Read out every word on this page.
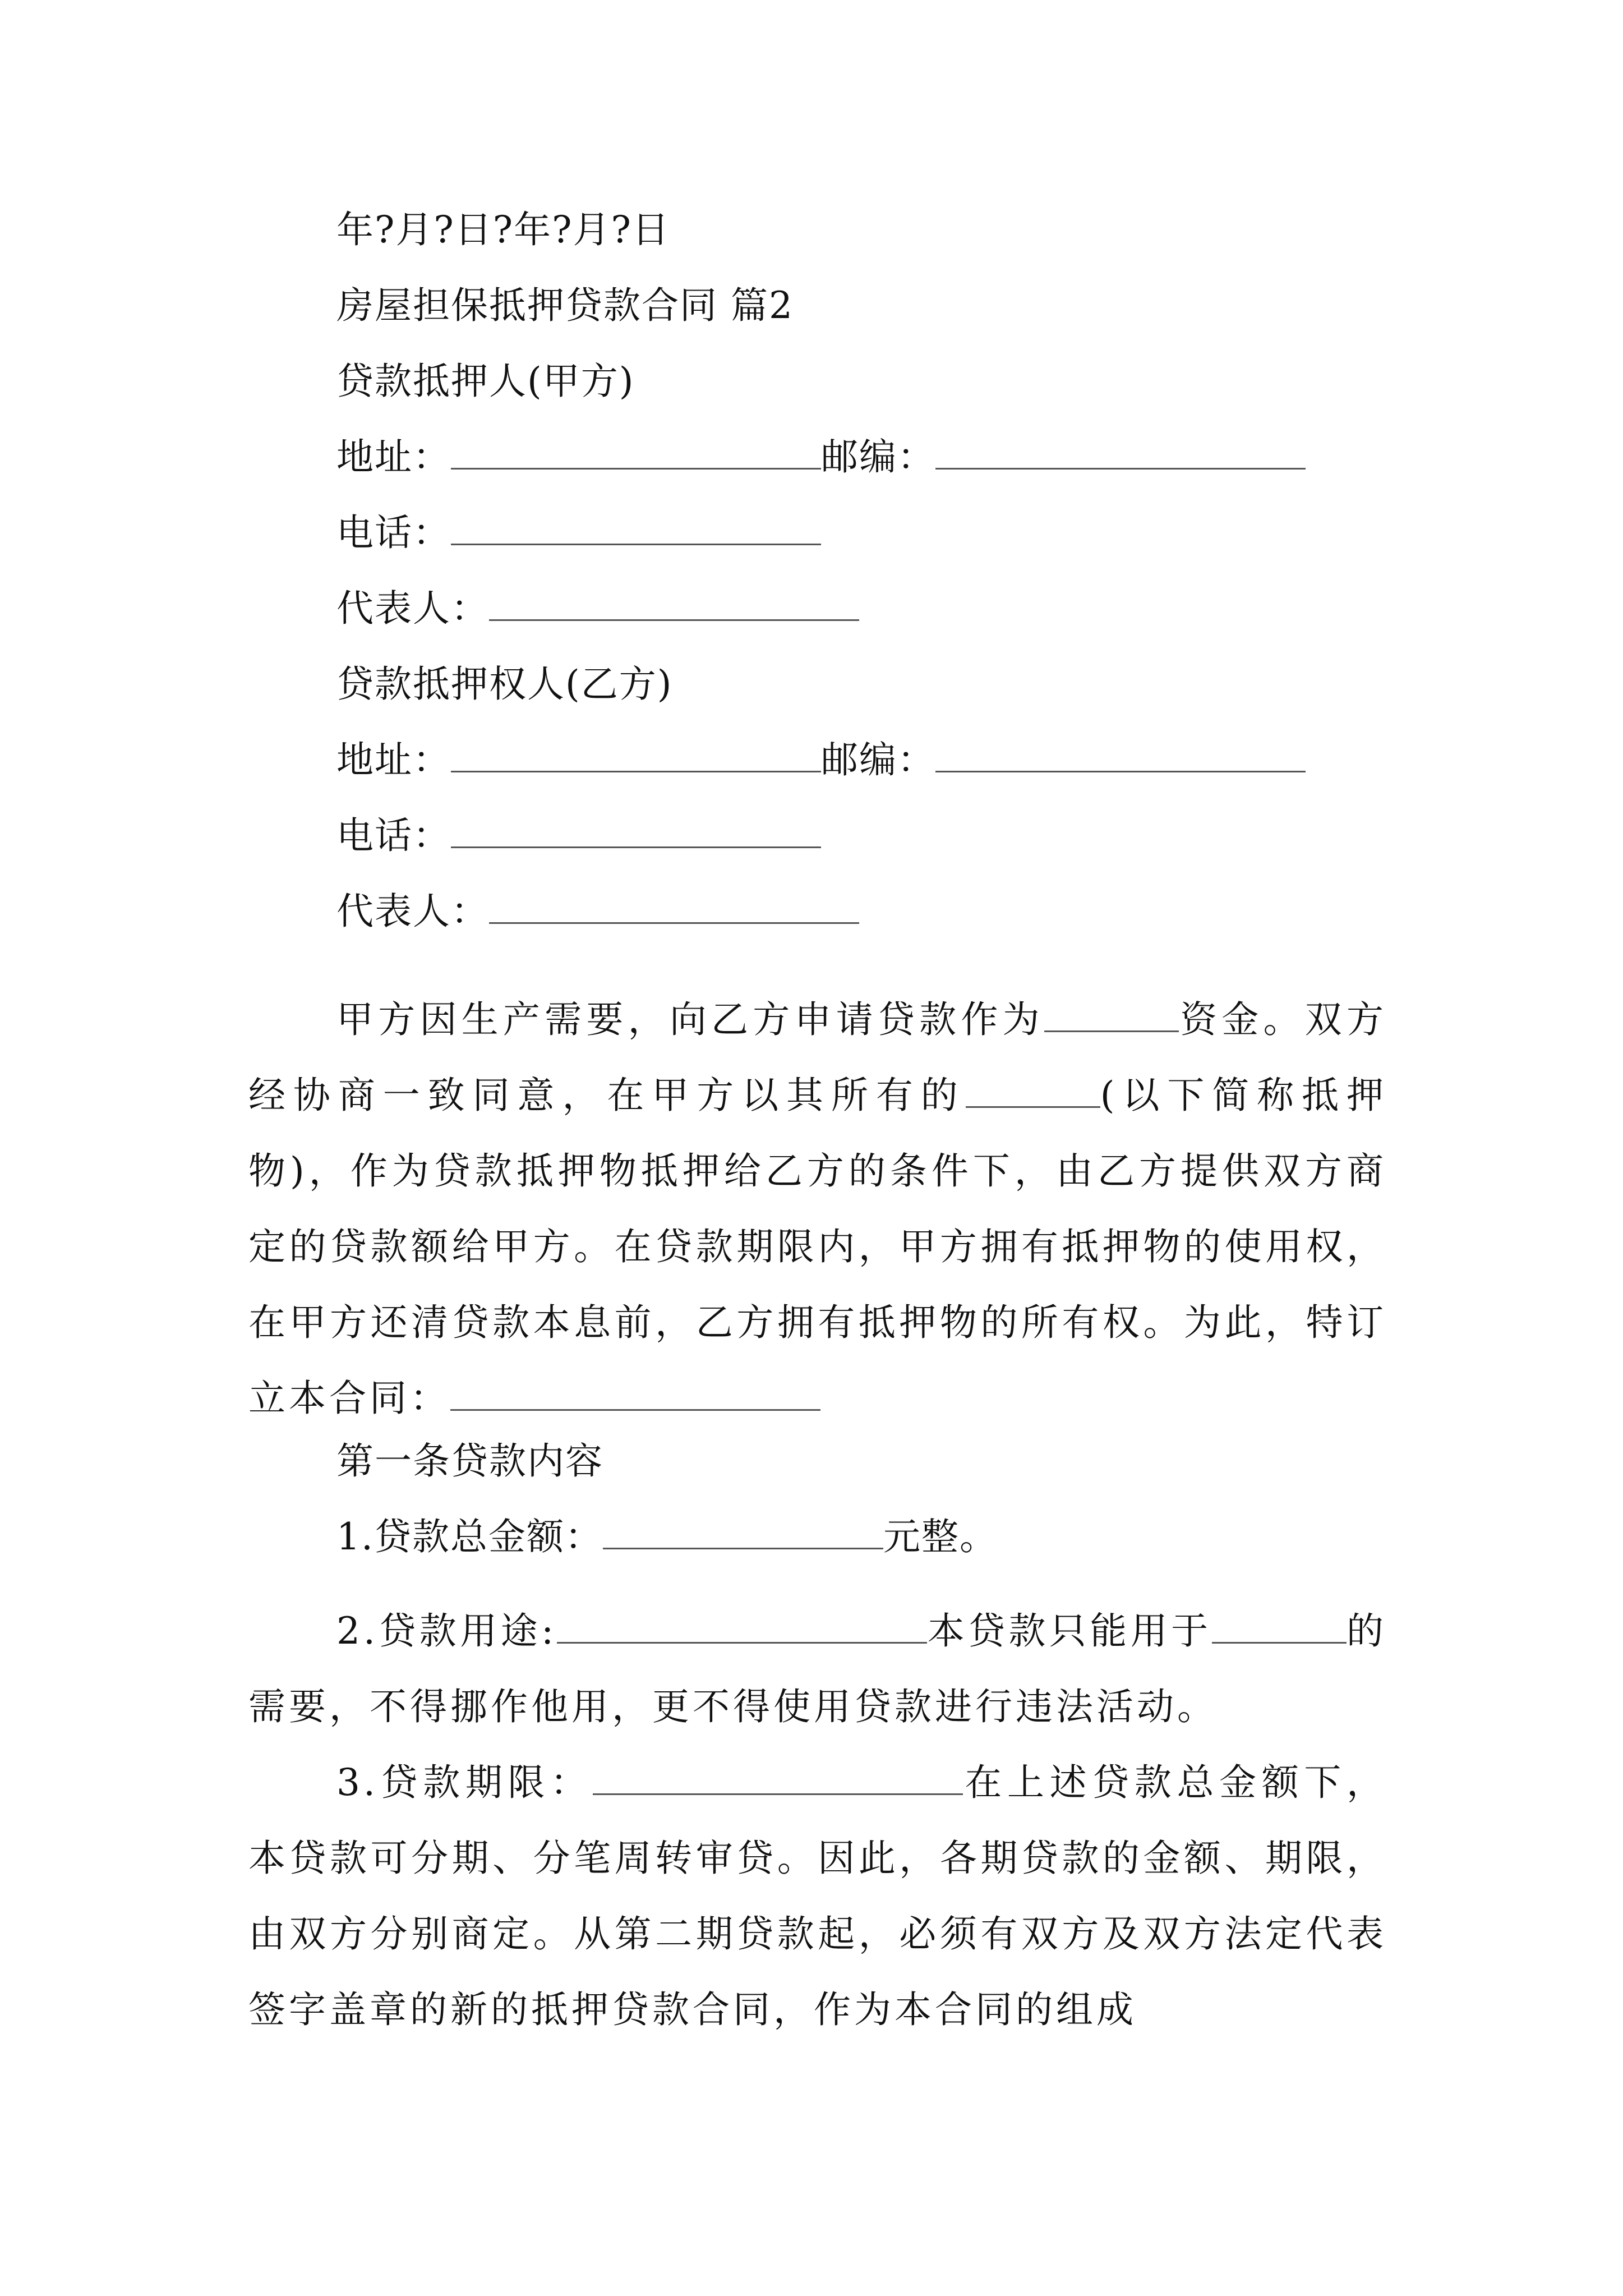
年?月?日?年?月?日
房屋担保抵押贷款合同 篇2
贷款抵押人(甲方)
地址：	邮编：
电话：
代表人：
贷款抵押权人(乙方)
地址：	邮编：
电话：
代表人：
甲方因生产需要，向乙方申请贷款作为	资金。双方经协商一致同意，在甲方以其所有的	(以下简称抵押物)，作为贷款抵押物抵押给乙方的条件下，由乙方提供双方商定的贷款额给甲方。在贷款期限内，甲方拥有抵押物的使用权，在甲方还清贷款本息前，乙方拥有抵押物的所有权。为此，特订立本合同：
第一条贷款内容
1.贷款总金额：	元整。
2.贷款用途:	本贷款只能用于	的需要，不得挪作他用，更不得使用贷款进行违法活动。
3.贷款期限：	在上述贷款总金额下，本贷款可分期、分笔周转审贷。因此，各期贷款的金额、期限，由双方分别商定。从第二期贷款起，必须有双方及双方法定代表签字盖章的新的抵押贷款合同，作为本合同的组成
